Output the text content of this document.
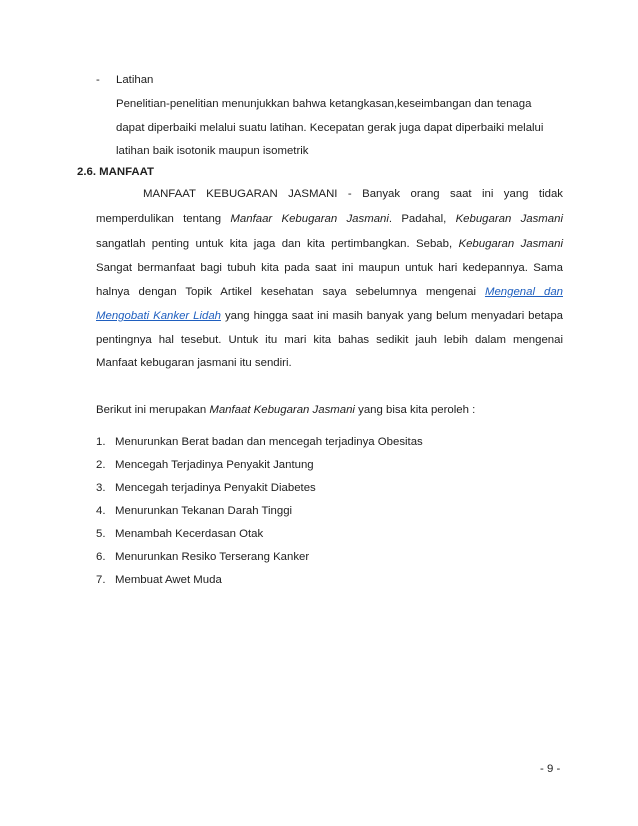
- Latihan
Penelitian-penelitian menunjukkan bahwa ketangkasan,keseimbangan dan tenaga
dapat diperbaiki melalui suatu latihan. Kecepatan gerak juga dapat diperbaiki melalui
latihan baik isotonik maupun isometrik
2.6. MANFAAT
MANFAAT KEBUGARAN JASMANI - Banyak orang saat ini yang tidak
memperdulikan tentang Manfaar Kebugaran Jasmani. Padahal, Kebugaran Jasmani
sangatlah penting untuk kita jaga dan kita pertimbangkan. Sebab, Kebugaran Jasmani
Sangat bermanfaat bagi tubuh kita pada saat ini maupun untuk hari kedepannya. Sama
halnya dengan Topik Artikel kesehatan saya sebelumnya mengenai Mengenal dan
Mengobati Kanker Lidah yang hingga saat ini masih banyak yang belum menyadari betapa
pentingnya hal tesebut. Untuk itu mari kita bahas sedikit jauh lebih dalam mengenai
Manfaat kebugaran jasmani itu sendiri.
Berikut ini merupakan Manfaat Kebugaran Jasmani yang bisa kita peroleh :
1. Menurunkan Berat badan dan mencegah terjadinya Obesitas
2. Mencegah Terjadinya Penyakit Jantung
3. Mencegah terjadinya Penyakit Diabetes
4. Menurunkan Tekanan Darah Tinggi
5. Menambah Kecerdasan Otak
6. Menurunkan Resiko Terserang Kanker
7. Membuat Awet Muda
- 9 -
